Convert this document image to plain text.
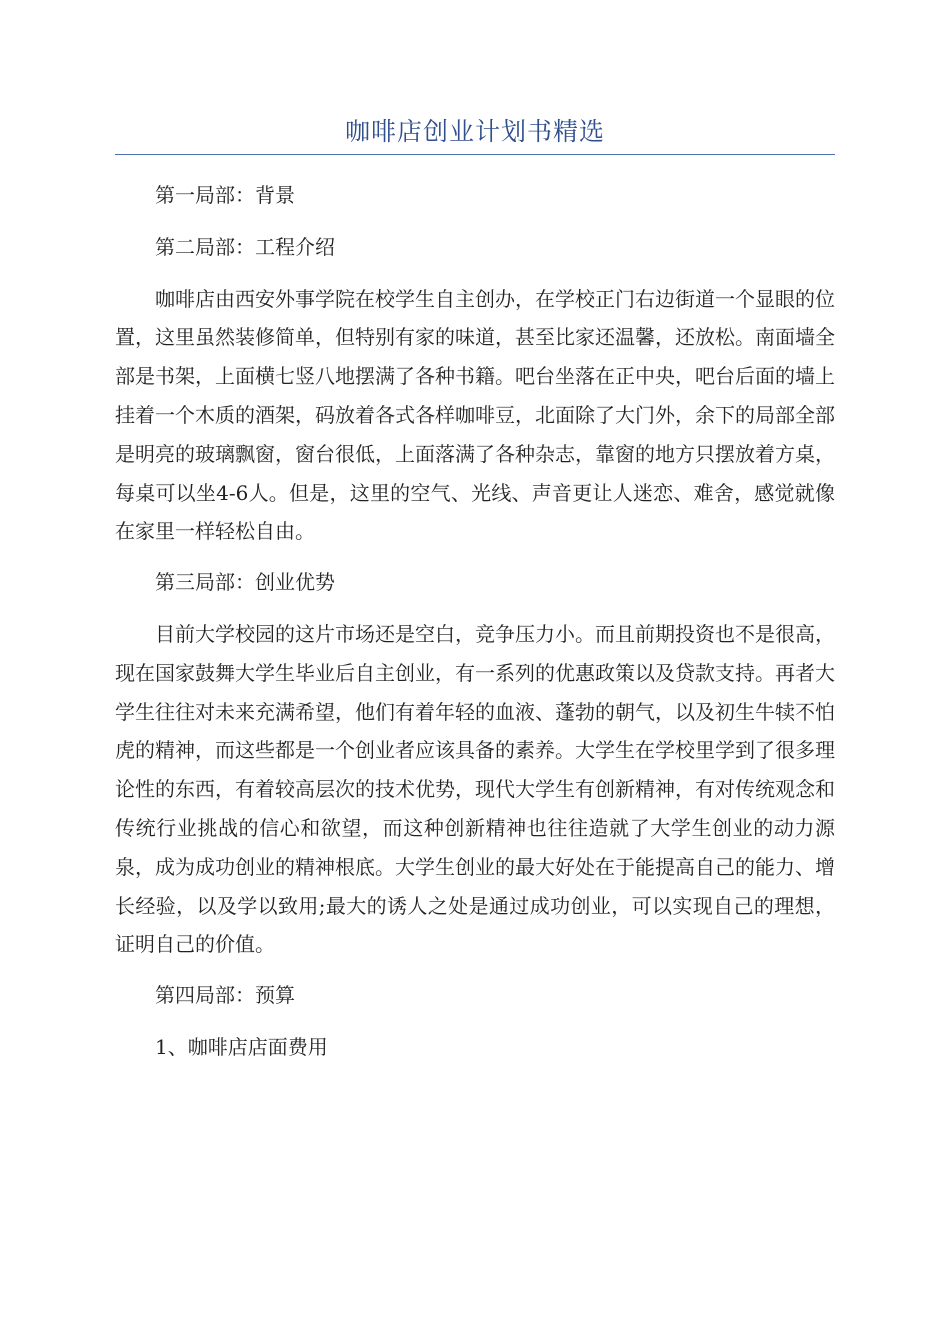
咖啡店创业计划书精选

第一局部：背景

第二局部：工程介绍

咖啡店由西安外事学院在校学生自主创办，在学校正门右边街道一个显眼的位置，这里虽然装修简单，但特别有家的味道，甚至比家还温馨，还放松。南面墙全部是书架，上面横七竖八地摆满了各种书籍。吧台坐落在正中央，吧台后面的墙上挂着一个木质的酒架，码放着各式各样咖啡豆，北面除了大门外，余下的局部全部是明亮的玻璃飘窗，窗台很低，上面落满了各种杂志，靠窗的地方只摆放着方桌，每桌可以坐4-6人。但是，这里的空气、光线、声音更让人迷恋、难舍，感觉就像在家里一样轻松自由。

第三局部：创业优势

目前大学校园的这片市场还是空白，竞争压力小。而且前期投资也不是很高，现在国家鼓舞大学生毕业后自主创业，有一系列的优惠政策以及贷款支持。再者大学生往往对未来充满希望，他们有着年轻的血液、蓬勃的朝气，以及初生牛犊不怕虎的精神，而这些都是一个创业者应该具备的素养。大学生在学校里学到了很多理论性的东西，有着较高层次的技术优势，现代大学生有创新精神，有对传统观念和传统行业挑战的信心和欲望，而这种创新精神也往往造就了大学生创业的动力源泉，成为成功创业的精神根底。大学生创业的最大好处在于能提高自己的能力、增长经验，以及学以致用;最大的诱人之处是通过成功创业，可以实现自己的理想，证明自己的价值。

第四局部：预算

1、咖啡店店面费用
